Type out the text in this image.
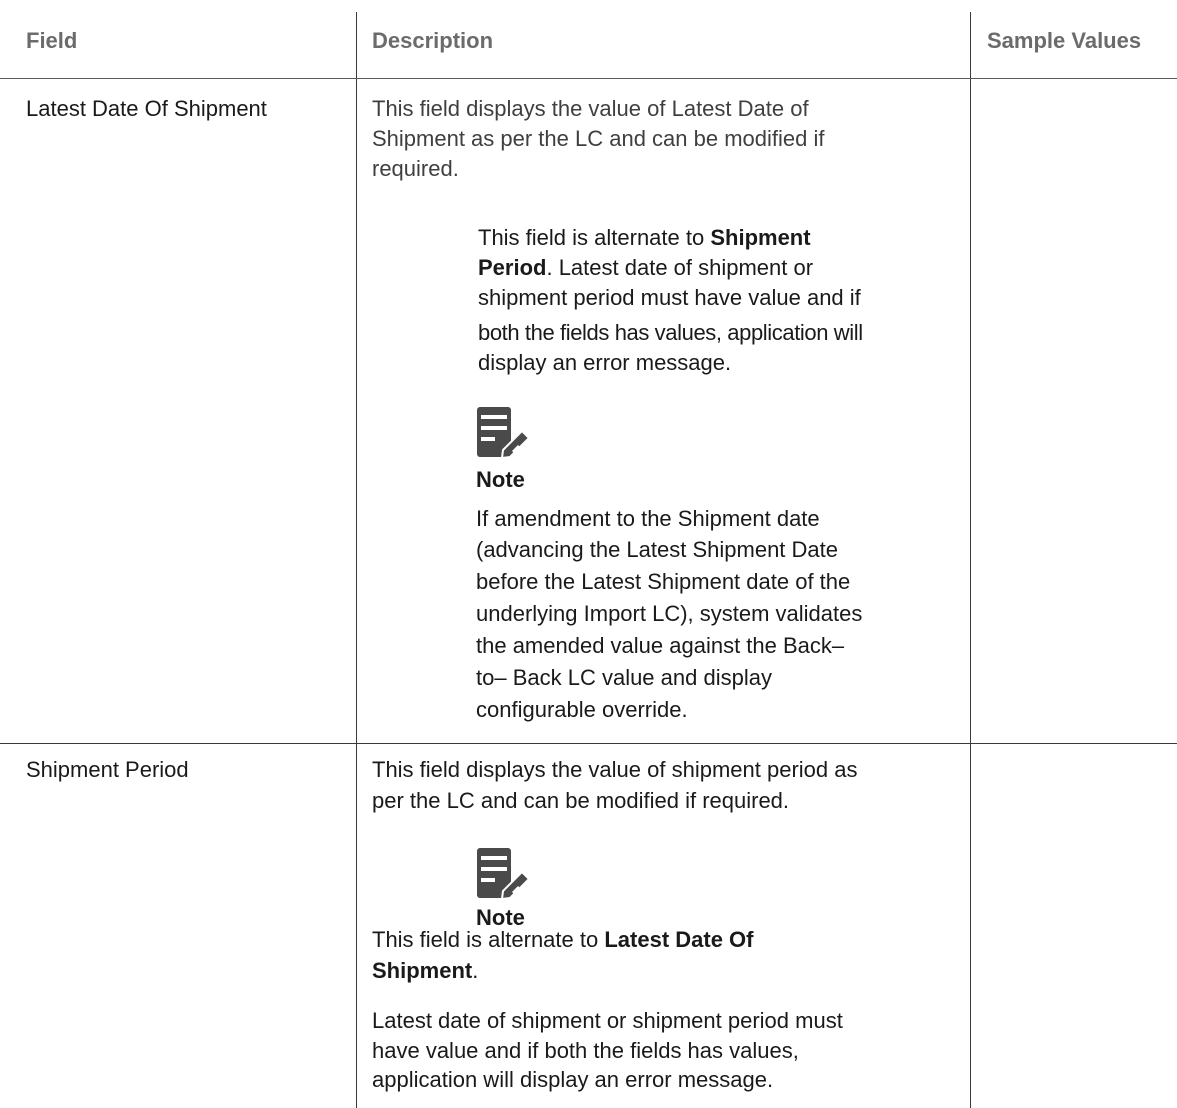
Field	Description	Sample Values
Latest Date Of Shipment	This field displays the value of Latest Date of
Shipment as per the LC and can be modified if
required.
This field is alternate to Shipment
Period. Latest date of shipment or
shipment period must have value and if
both the fields has values, application will
display an error message.
Note
If amendment to the Shipment date
(advancing the Latest Shipment Date
before the Latest Shipment date of the
underlying Import LC), system validates
the amended value against the Back–
to– Back LC value and display
configurable override.
Shipment Period	This field displays the value of shipment period as
per the LC and can be modified if required.
Note
This field is alternate to Latest Date Of
Shipment.
Latest date of shipment or shipment period must
have value and if both the fields has values,
application will display an error message.
